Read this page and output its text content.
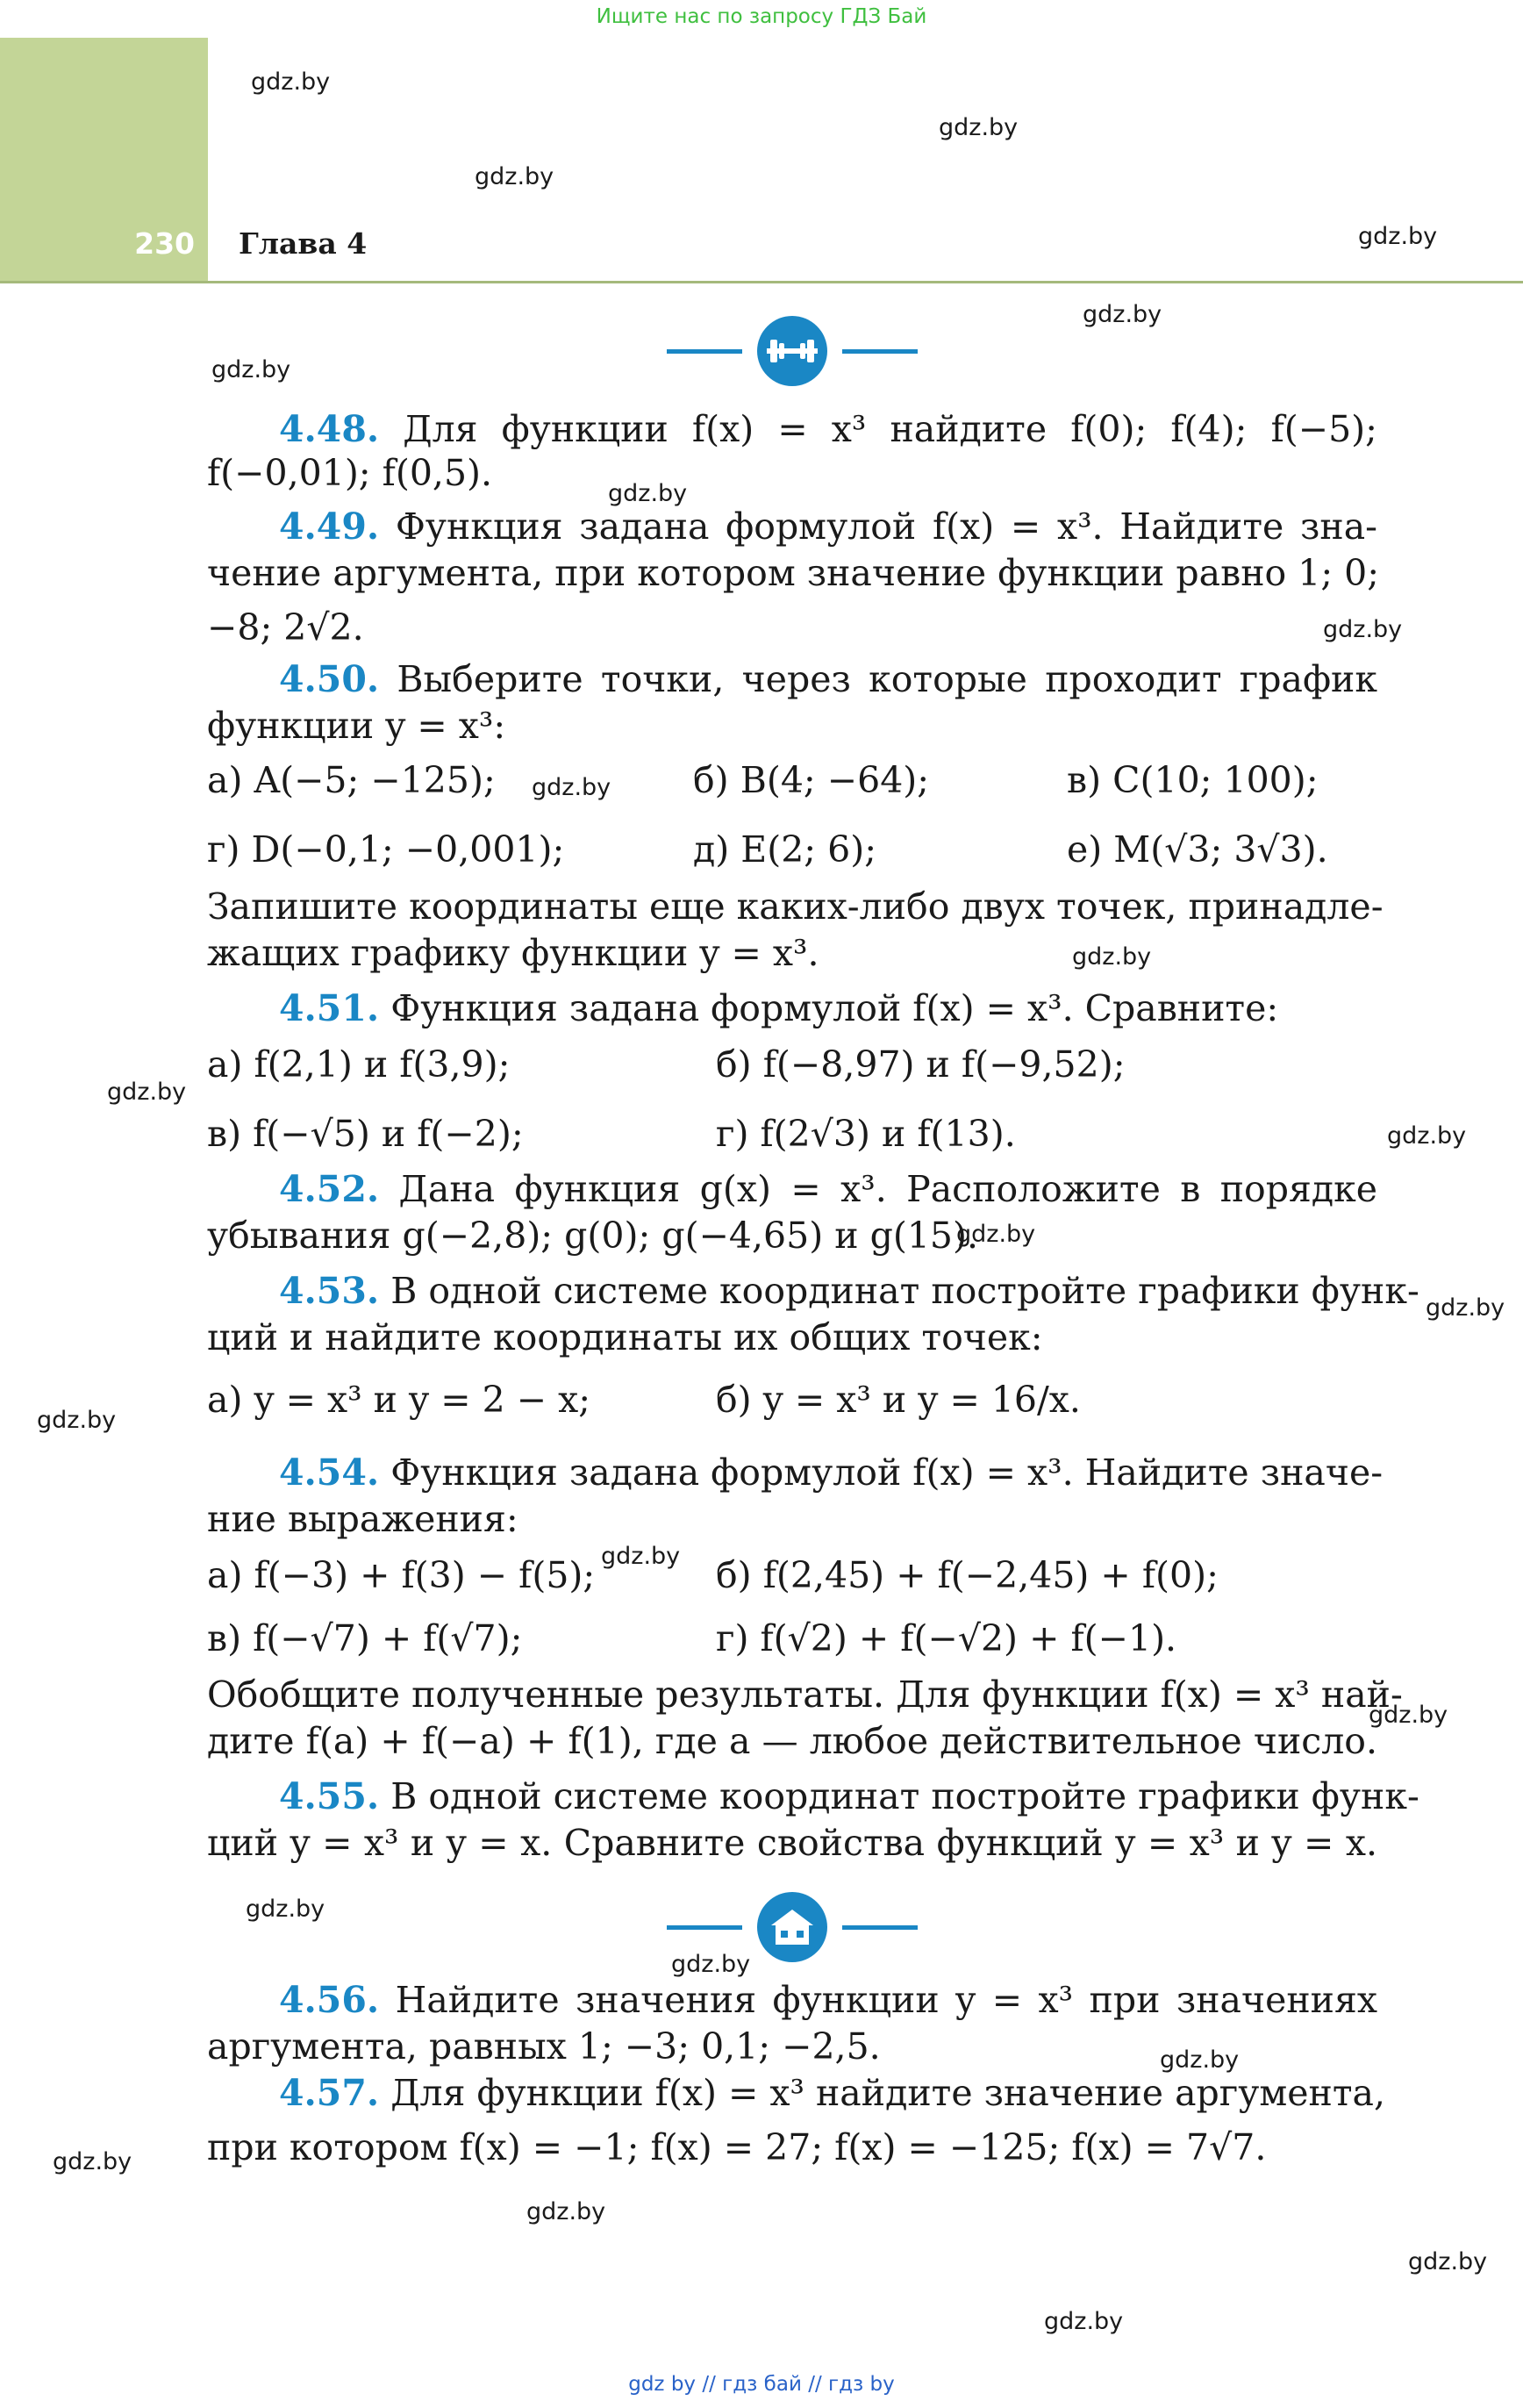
Ищите нас по запросу ГДЗ Бай
230 Глава 4
gdz.by
gdz.by
gdz.by
gdz.by
gdz.by
gdz.by
gdz.by
gdz.by
gdz.by
gdz.by
gdz.by
gdz.by
gdz.by
gdz.by
gdz.by
gdz.by
gdz.by
gdz.by
gdz.by
gdz.by
gdz.by
gdz.by
gdz.by
gdz.by

4.48. Для функции f(x) = x³ найдите f(0); f(4); f(−5);

f(−0,01); f(0,5).

4.49. Функция задана формулой f(x) = x³. Найдите зна-

чение аргумента, при котором значение функции равно 1; 0;

−8; 2√2.

4.50. Выберите точки, через которые проходит график

функции y = x³:

а) A(−5; −125);	б) B(4; −64);	в) C(10; 100);

г) D(−0,1; −0,001);	д) E(2; 6);	е) M(√3; 3√3).

Запишите координаты еще каких-либо двух точек, принадле-

жащих графику функции y = x³.

4.51. Функция задана формулой f(x) = x³. Сравните:

а) f(2,1) и f(3,9);	б) f(−8,97) и f(−9,52);

в) f(−√5) и f(−2);	г) f(2√3) и f(13).

4.52. Дана функция g(x) = x³. Расположите в порядке

убывания g(−2,8); g(0); g(−4,65) и g(15).

4.53. В одной системе координат постройте графики функ-

ций и найдите координаты их общих точек:

а) y = x³ и y = 2 − x;	б) y = x³ и y = 16/x.

4.54. Функция задана формулой f(x) = x³. Найдите значе-

ние выражения:

а) f(−3) + f(3) − f(5);	б) f(2,45) + f(−2,45) + f(0);

в) f(−√7) + f(√7);	г) f(√2) + f(−√2) + f(−1).

Обобщите полученные результаты. Для функции f(x) = x³ най-

дите f(a) + f(−a) + f(1), где a — любое действительное число.

4.55. В одной системе координат постройте графики функ-

ций y = x³ и y = x. Сравните свойства функций y = x³ и y = x.

4.56. Найдите значения функции y = x³ при значениях

аргумента, равных 1; −3; 0,1; −2,5.

4.57. Для функции f(x) = x³ найдите значение аргумента,

при котором f(x) = −1; f(x) = 27; f(x) = −125; f(x) = 7√7.

gdz by // гдз бай // гдз by
